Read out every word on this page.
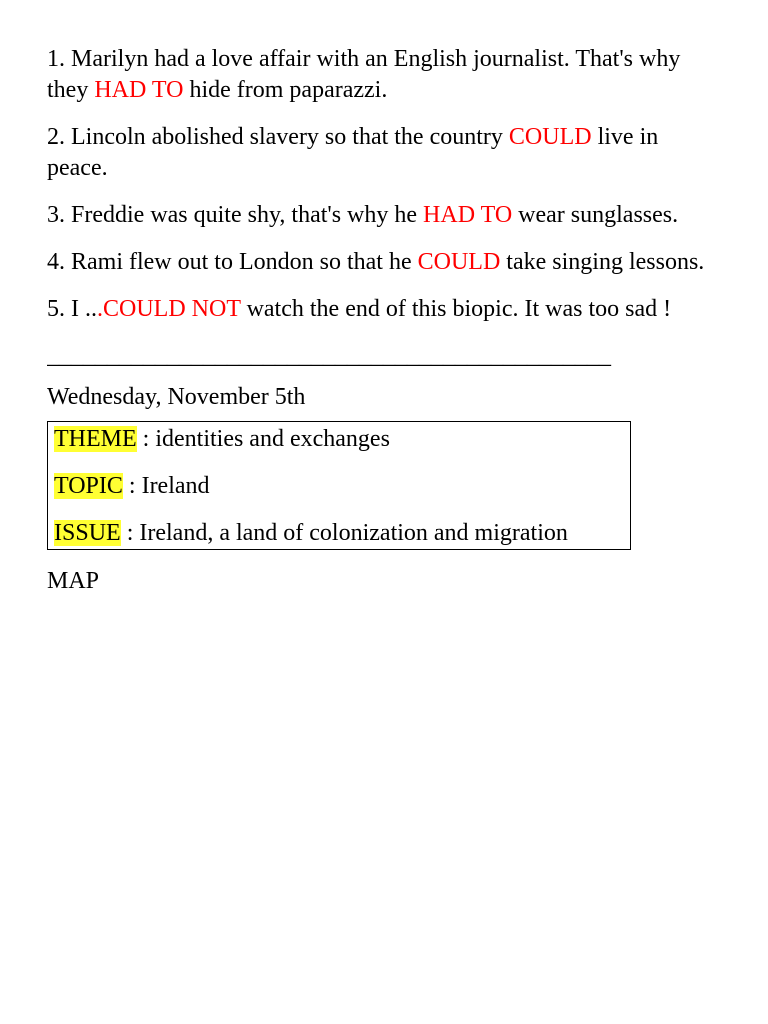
1. Marilyn had a love affair with an English journalist. That's why they HAD TO hide from paparazzi.

2. Lincoln abolished slavery so that the country COULD live in peace.

3. Freddie was quite shy, that's why he HAD TO wear sunglasses.

4. Rami flew out to London so that he COULD take singing lessons.

5. I ...COULD NOT watch the end of this biopic. It was too sad !

_______________________________________________

Wednesday, November 5th

THEME : identities and exchanges

TOPIC : Ireland

ISSUE : Ireland, a land of colonization and migration

MAP
